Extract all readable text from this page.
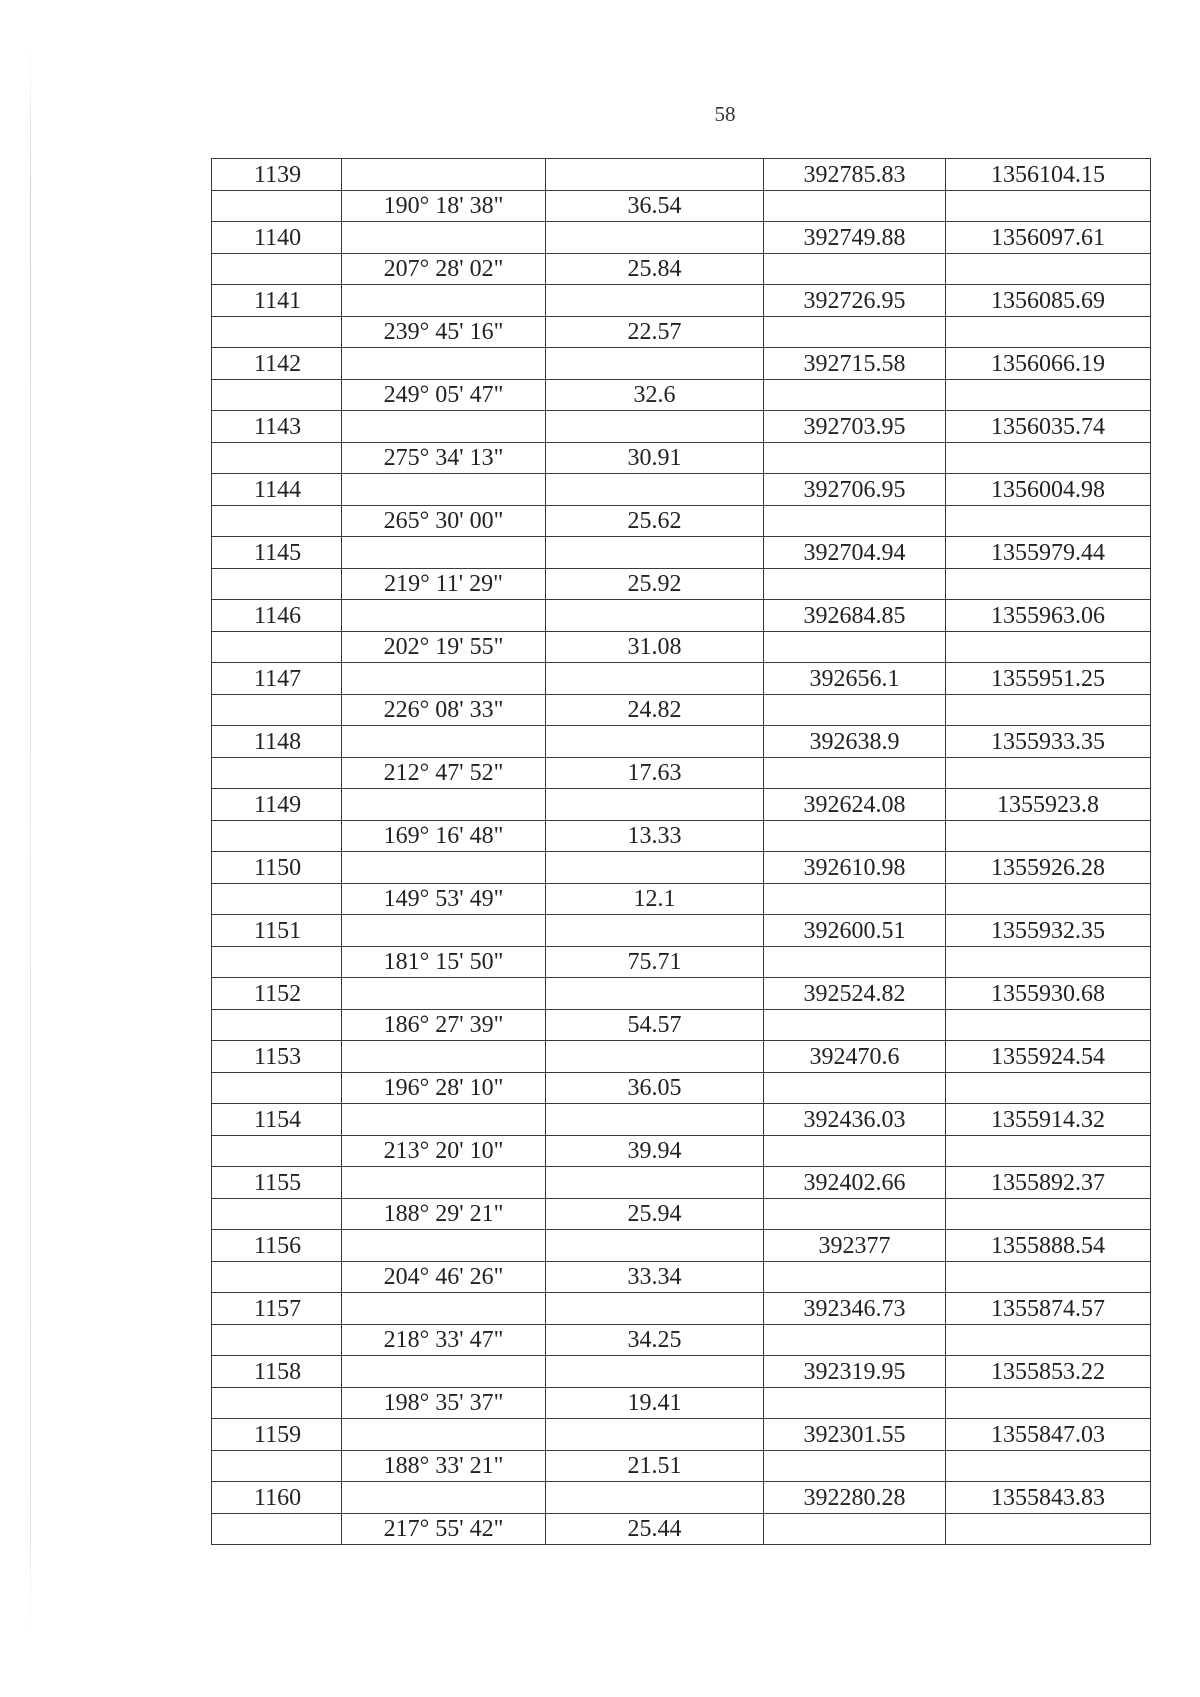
58
1139			392785.83	1356104.15
	190° 18' 38"	36.54		
1140			392749.88	1356097.61
	207° 28' 02"	25.84		
1141			392726.95	1356085.69
	239° 45' 16"	22.57		
1142			392715.58	1356066.19
	249° 05' 47"	32.6		
1143			392703.95	1356035.74
	275° 34' 13"	30.91		
1144			392706.95	1356004.98
	265° 30' 00"	25.62		
1145			392704.94	1355979.44
	219° 11' 29"	25.92		
1146			392684.85	1355963.06
	202° 19' 55"	31.08		
1147			392656.1	1355951.25
	226° 08' 33"	24.82		
1148			392638.9	1355933.35
	212° 47' 52"	17.63		
1149			392624.08	1355923.8
	169° 16' 48"	13.33		
1150			392610.98	1355926.28
	149° 53' 49"	12.1		
1151			392600.51	1355932.35
	181° 15' 50"	75.71		
1152			392524.82	1355930.68
	186° 27' 39"	54.57		
1153			392470.6	1355924.54
	196° 28' 10"	36.05		
1154			392436.03	1355914.32
	213° 20' 10"	39.94		
1155			392402.66	1355892.37
	188° 29' 21"	25.94		
1156			392377	1355888.54
	204° 46' 26"	33.34		
1157			392346.73	1355874.57
	218° 33' 47"	34.25		
1158			392319.95	1355853.22
	198° 35' 37"	19.41		
1159			392301.55	1355847.03
	188° 33' 21"	21.51		
1160			392280.28	1355843.83
	217° 55' 42"	25.44		
